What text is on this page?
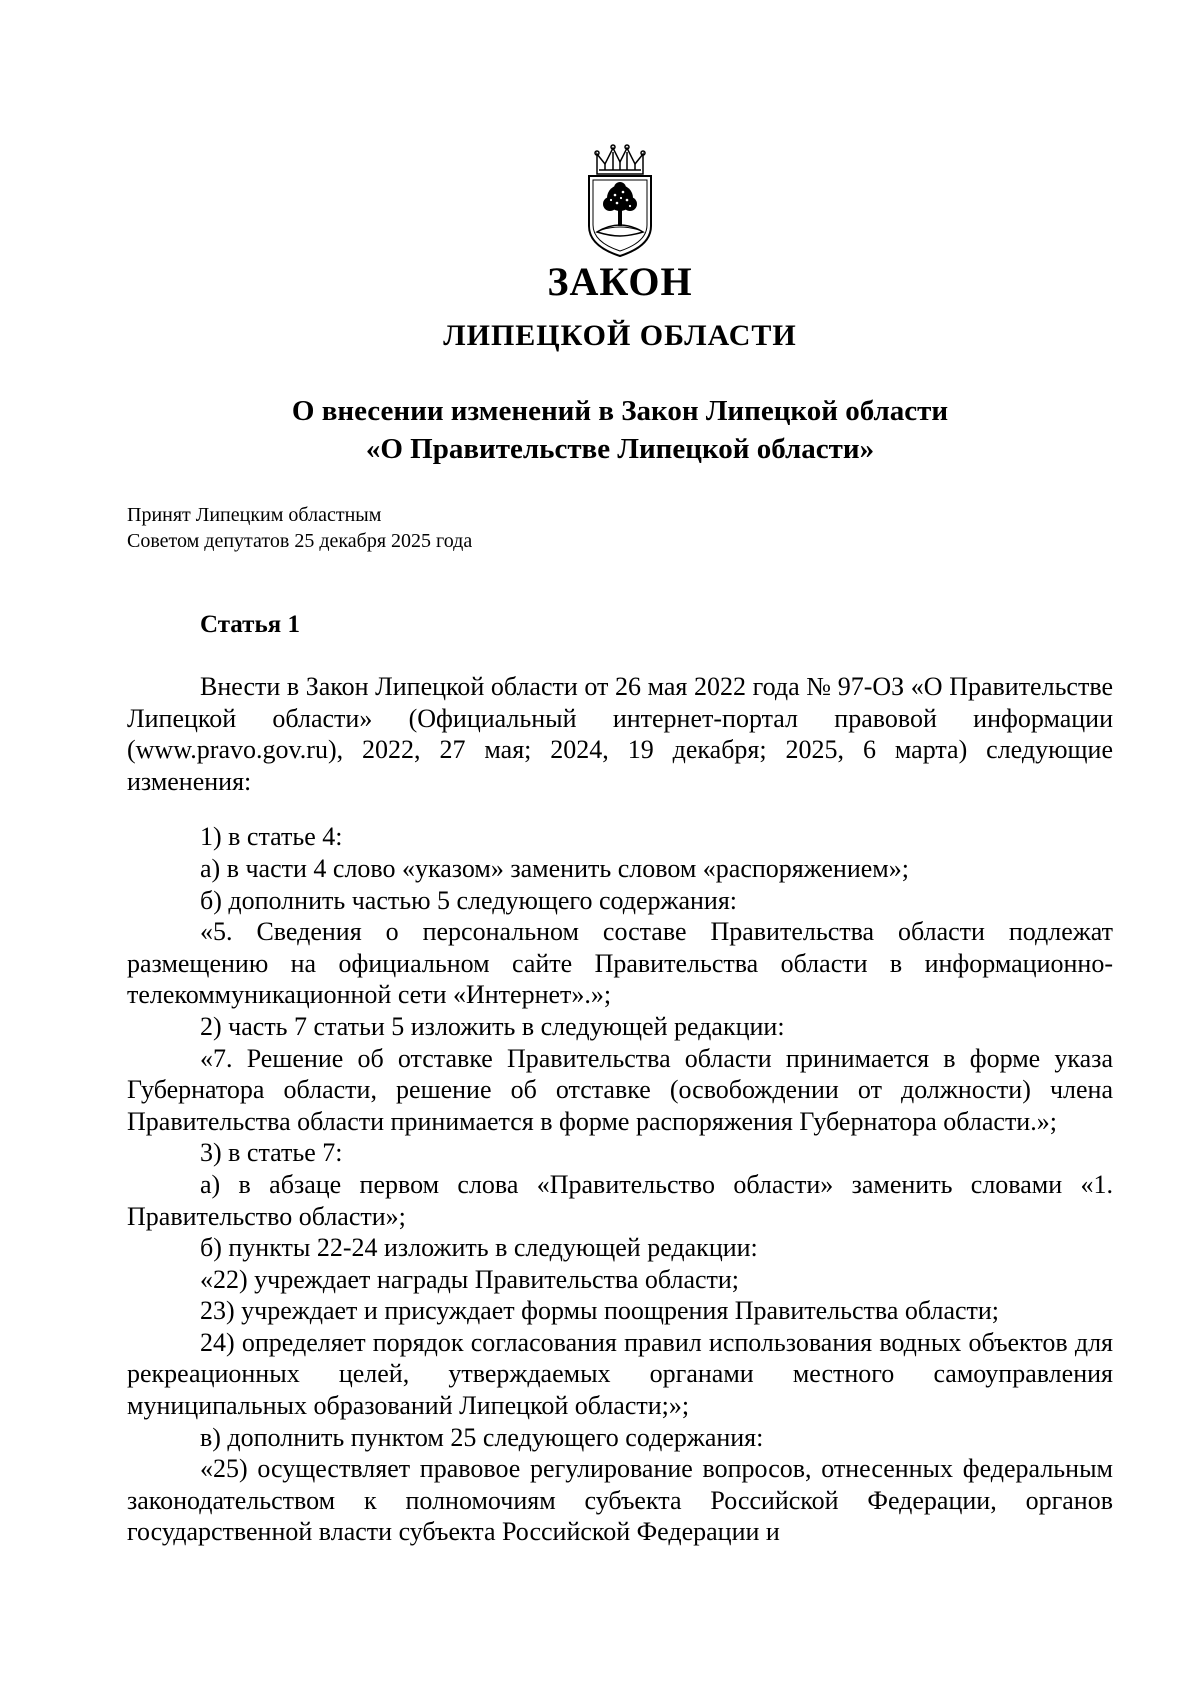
ЗАКОН
ЛИПЕЦКОЙ ОБЛАСТИ
О внесении изменений в Закон Липецкой области
«О Правительстве Липецкой области»
Принят Липецким областным
Советом депутатов 25 декабря 2025 года
Статья 1

Внести в Закон Липецкой области от 26 мая 2022 года № 97-ОЗ «О Правительстве Липецкой области» (Официальный интернет-портал правовой информации (www.pravo.gov.ru), 2022, 27 мая; 2024, 19 декабря; 2025, 6 марта) следующие изменения:

1) в статье 4:

а) в части 4 слово «указом» заменить словом «распоряжением»;

б) дополнить частью 5 следующего содержания:

«5. Сведения о персональном составе Правительства области подлежат размещению на официальном сайте Правительства области в информационно-телекоммуникационной сети «Интернет».»;

2) часть 7 статьи 5 изложить в следующей редакции:

«7. Решение об отставке Правительства области принимается в форме указа Губернатора области, решение об отставке (освобождении от должности) члена Правительства области принимается в форме распоряжения Губернатора области.»;

3) в статье 7:

а) в абзаце первом слова «Правительство области» заменить словами «1. Правительство области»;

б) пункты 22-24 изложить в следующей редакции:

«22) учреждает награды Правительства области;

23) учреждает и присуждает формы поощрения Правительства области;

24) определяет порядок согласования правил использования водных объектов для рекреационных целей, утверждаемых органами местного самоуправления муниципальных образований Липецкой области;»;

в) дополнить пунктом 25 следующего содержания:

«25) осуществляет правовое регулирование вопросов, отнесенных федеральным законодательством к полномочиям субъекта Российской Федерации, органов государственной власти субъекта Российской Федерации и
